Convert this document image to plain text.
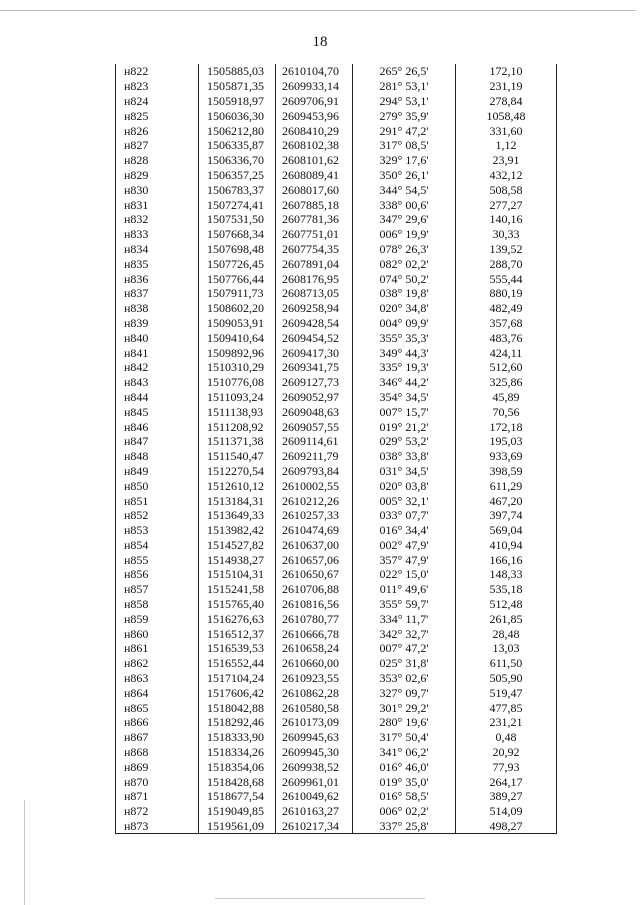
18
н822	1505885,03	2610104,70	265° 26,5'	172,10
н823	1505871,35	2609933,14	281° 53,1'	231,19
н824	1505918,97	2609706,91	294° 53,1'	278,84
н825	1506036,30	2609453,96	279° 35,9'	1058,48
н826	1506212,80	2608410,29	291° 47,2'	331,60
н827	1506335,87	2608102,38	317° 08,5'	1,12
н828	1506336,70	2608101,62	329° 17,6'	23,91
н829	1506357,25	2608089,41	350° 26,1'	432,12
н830	1506783,37	2608017,60	344° 54,5'	508,58
н831	1507274,41	2607885,18	338° 00,6'	277,27
н832	1507531,50	2607781,36	347° 29,6'	140,16
н833	1507668,34	2607751,01	006° 19,9'	30,33
н834	1507698,48	2607754,35	078° 26,3'	139,52
н835	1507726,45	2607891,04	082° 02,2'	288,70
н836	1507766,44	2608176,95	074° 50,2'	555,44
н837	1507911,73	2608713,05	038° 19,8'	880,19
н838	1508602,20	2609258,94	020° 34,8'	482,49
н839	1509053,91	2609428,54	004° 09,9'	357,68
н840	1509410,64	2609454,52	355° 35,3'	483,76
н841	1509892,96	2609417,30	349° 44,3'	424,11
н842	1510310,29	2609341,75	335° 19,3'	512,60
н843	1510776,08	2609127,73	346° 44,2'	325,86
н844	1511093,24	2609052,97	354° 34,5'	45,89
н845	1511138,93	2609048,63	007° 15,7'	70,56
н846	1511208,92	2609057,55	019° 21,2'	172,18
н847	1511371,38	2609114,61	029° 53,2'	195,03
н848	1511540,47	2609211,79	038° 33,8'	933,69
н849	1512270,54	2609793,84	031° 34,5'	398,59
н850	1512610,12	2610002,55	020° 03,8'	611,29
н851	1513184,31	2610212,26	005° 32,1'	467,20
н852	1513649,33	2610257,33	033° 07,7'	397,74
н853	1513982,42	2610474,69	016° 34,4'	569,04
н854	1514527,82	2610637,00	002° 47,9'	410,94
н855	1514938,27	2610657,06	357° 47,9'	166,16
н856	1515104,31	2610650,67	022° 15,0'	148,33
н857	1515241,58	2610706,88	011° 49,6'	535,18
н858	1515765,40	2610816,56	355° 59,7'	512,48
н859	1516276,63	2610780,77	334° 11,7'	261,85
н860	1516512,37	2610666,78	342° 32,7'	28,48
н861	1516539,53	2610658,24	007° 47,2'	13,03
н862	1516552,44	2610660,00	025° 31,8'	611,50
н863	1517104,24	2610923,55	353° 02,6'	505,90
н864	1517606,42	2610862,28	327° 09,7'	519,47
н865	1518042,88	2610580,58	301° 29,2'	477,85
н866	1518292,46	2610173,09	280° 19,6'	231,21
н867	1518333,90	2609945,63	317° 50,4'	0,48
н868	1518334,26	2609945,30	341° 06,2'	20,92
н869	1518354,06	2609938,52	016° 46,0'	77,93
н870	1518428,68	2609961,01	019° 35,0'	264,17
н871	1518677,54	2610049,62	016° 58,5'	389,27
н872	1519049,85	2610163,27	006° 02,2'	514,09
н873	1519561,09	2610217,34	337° 25,8'	498,27
